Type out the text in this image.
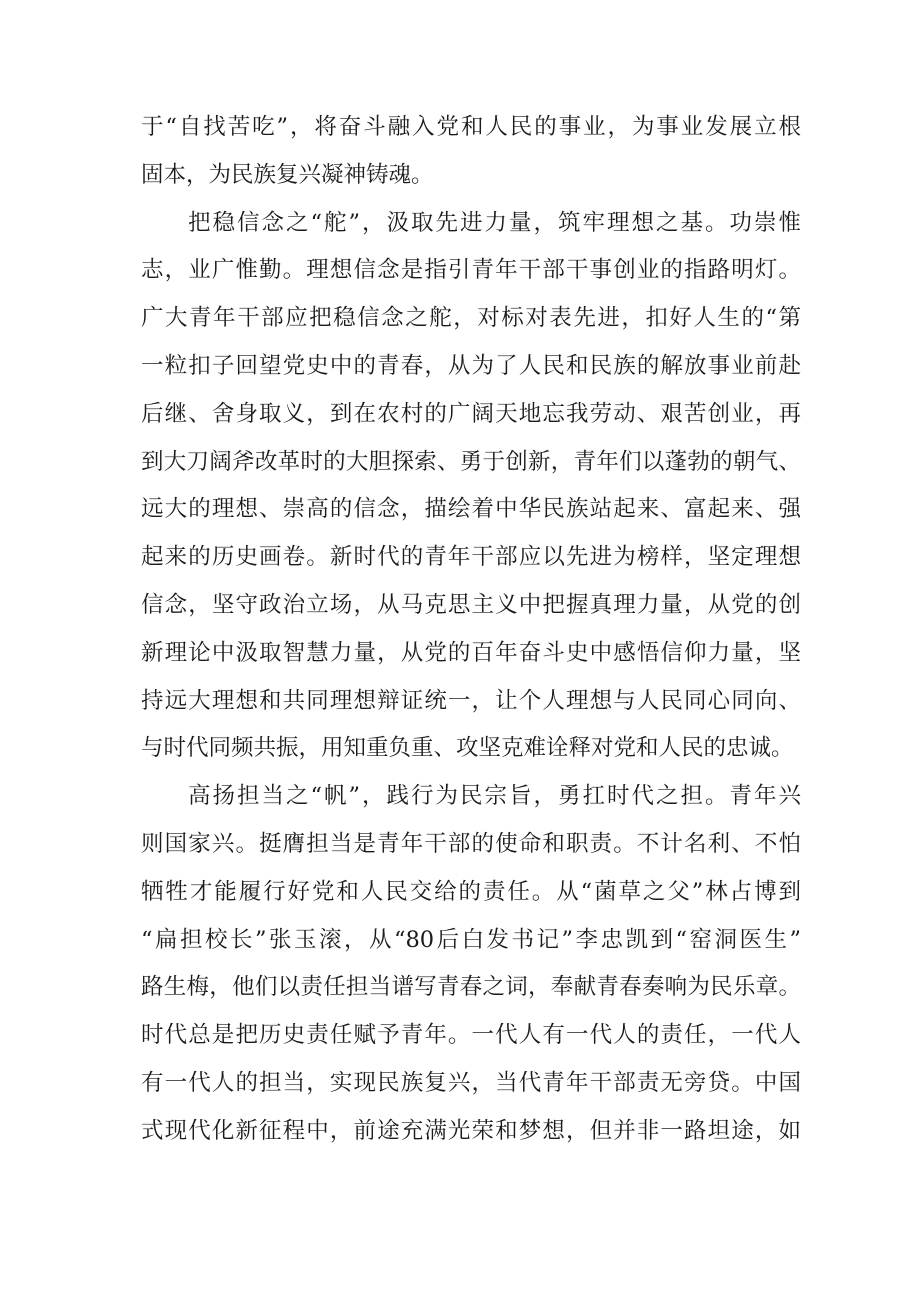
于“自找苦吃”，将奋斗融入党和人民的事业，为事业发展立根
固本，为民族复兴凝神铸魂。
把稳信念之“舵”，汲取先进力量，筑牢理想之基。功崇惟
志，业广惟勤。理想信念是指引青年干部干事创业的指路明灯。
广大青年干部应把稳信念之舵，对标对表先进，扣好人生的“第
一粒扣子回望党史中的青春，从为了人民和民族的解放事业前赴
后继、舍身取义，到在农村的广阔天地忘我劳动、艰苦创业，再
到大刀阔斧改革时的大胆探索、勇于创新，青年们以蓬勃的朝气、
远大的理想、崇高的信念，描绘着中华民族站起来、富起来、强
起来的历史画卷。新时代的青年干部应以先进为榜样，坚定理想
信念，坚守政治立场，从马克思主义中把握真理力量，从党的创
新理论中汲取智慧力量，从党的百年奋斗史中感悟信仰力量，坚
持远大理想和共同理想辩证统一，让个人理想与人民同心同向、
与时代同频共振，用知重负重、攻坚克难诠释对党和人民的忠诚。
高扬担当之“帆”，践行为民宗旨，勇扛时代之担。青年兴
则国家兴。挺膺担当是青年干部的使命和职责。不计名利、不怕
牺牲才能履行好党和人民交给的责任。从“菌草之父”林占博到
“扁担校长”张玉滚，从“80后白发书记”李忠凯到“窑洞医生”
路生梅，他们以责任担当谱写青春之词，奉献青春奏响为民乐章。
时代总是把历史责任赋予青年。一代人有一代人的责任，一代人
有一代人的担当，实现民族复兴，当代青年干部责无旁贷。中国
式现代化新征程中，前途充满光荣和梦想，但并非一路坦途，如
